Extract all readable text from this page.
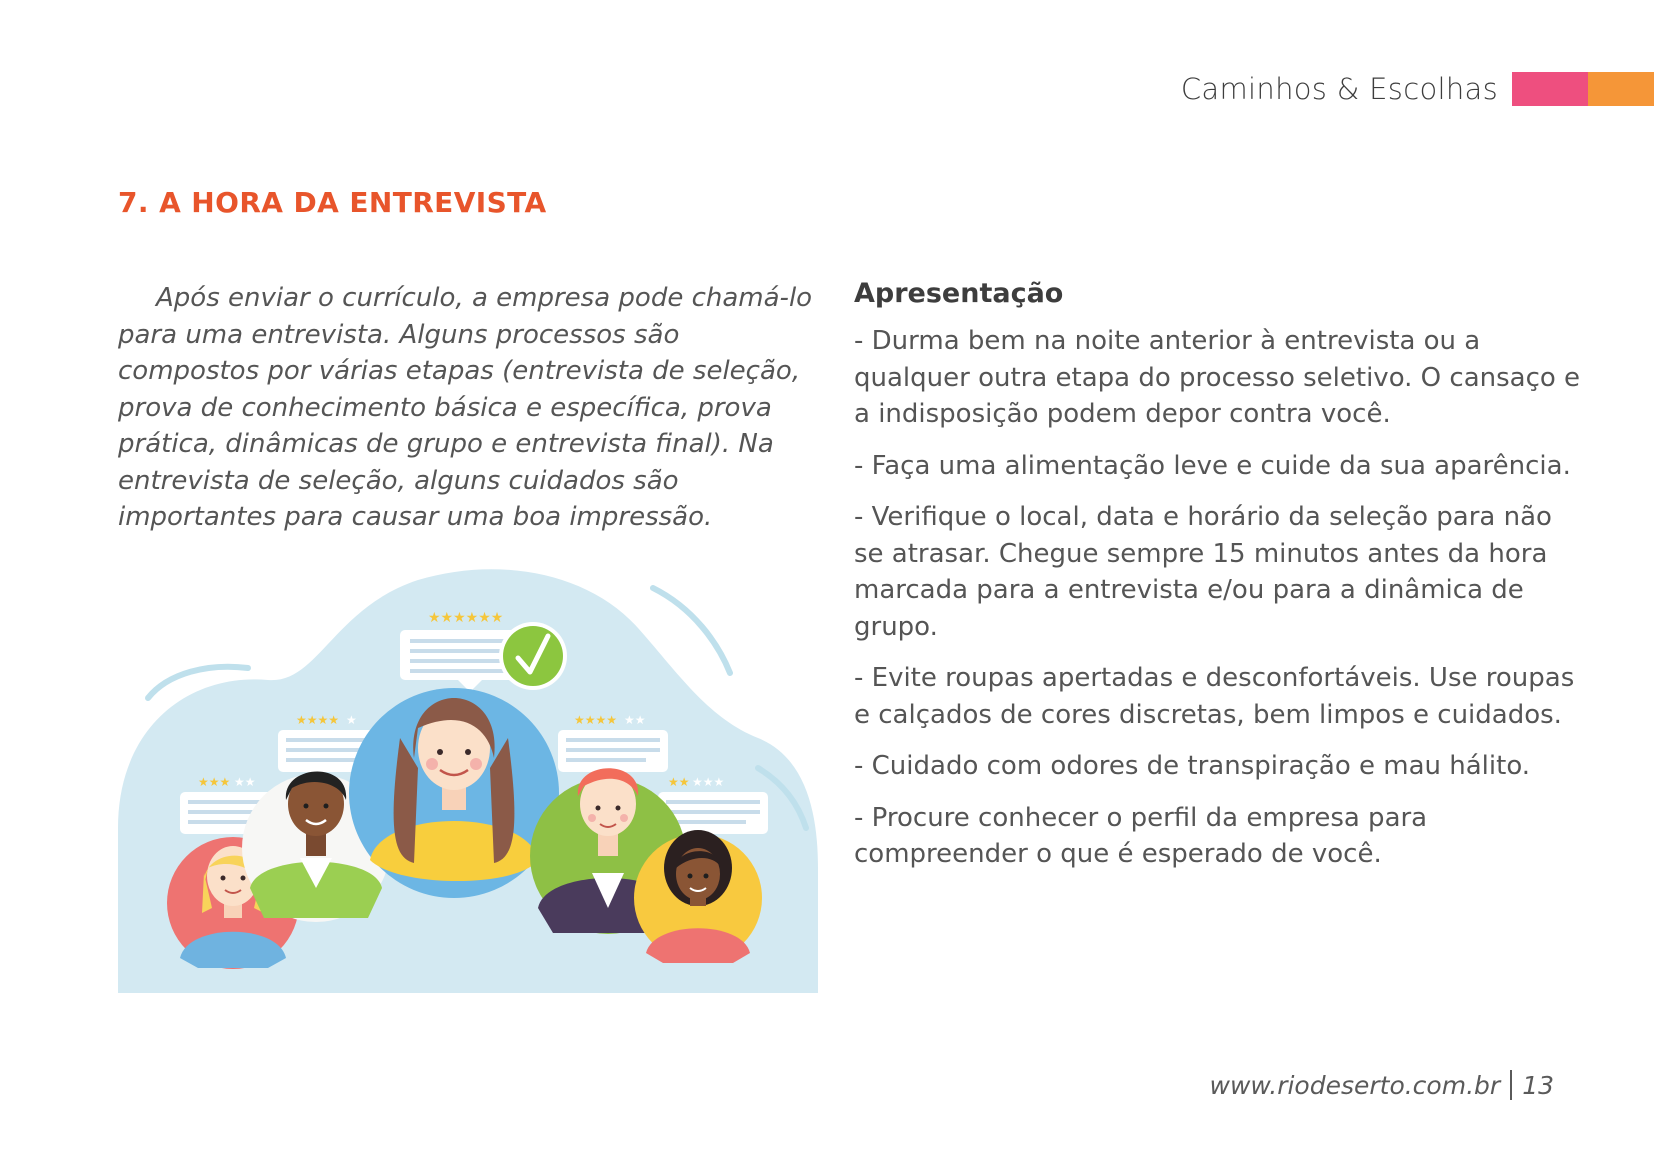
Caminhos & Escolhas
7. A HORA DA ENTREVISTA

Após enviar o currículo, a empresa pode chamá-lo para uma entrevista. Alguns processos são compostos por várias etapas (entrevista de seleção, prova de conhecimento básica e específica, prova prática, dinâmicas de grupo e entrevista final). Na entrevista de seleção, alguns cuidados são importantes para causar uma boa impressão.

★★★★★★
★★★★ ★
★★★ ★★
★★★★ ★★
★★ ★★★
Apresentação

- Durma bem na noite anterior à entrevista ou a qualquer outra etapa do processo seletivo. O cansaço e a indisposição podem depor contra você.

- Faça uma alimentação leve e cuide da sua aparência.

- Verifique o local, data e horário da seleção para não se atrasar. Chegue sempre 15 minutos antes da hora marcada para a entrevista e/ou para a dinâmica de grupo.

- Evite roupas apertadas e desconfortáveis. Use roupas e calçados de cores discretas, bem limpos e cuidados.

- Cuidado com odores de transpiração e mau hálito.

- Procure conhecer o perfil da empresa para compreender o que é esperado de você.

www.riodeserto.com.br 13
